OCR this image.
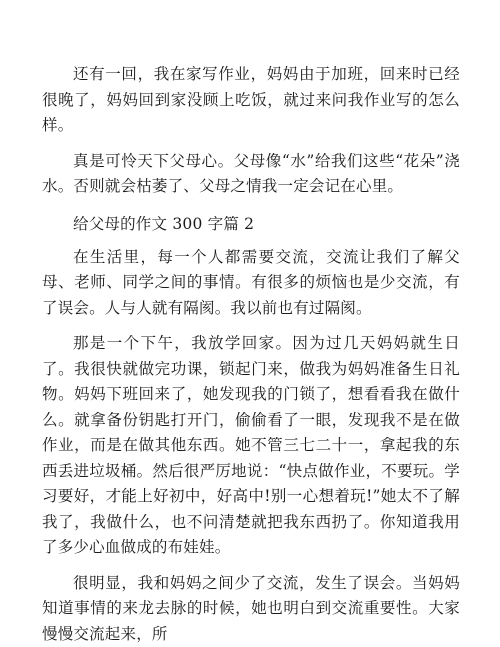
还有一回，我在家写作业，妈妈由于加班，回来时已经很晚了，妈妈回到家没顾上吃饭，就过来问我作业写的怎么样。

真是可怜天下父母心。父母像“水”给我们这些“花朵”浇水。否则就会枯萎了、父母之情我一定会记在心里。

给父母的作文 300 字篇 2

在生活里，每一个人都需要交流，交流让我们了解父母、老师、同学之间的事情。有很多的烦恼也是少交流，有了误会。人与人就有隔阂。我以前也有过隔阂。

那是一个下午，我放学回家。因为过几天妈妈就生日了。我很快就做完功课，锁起门来，做我为妈妈准备生日礼物。妈妈下班回来了，她发现我的门锁了，想看看我在做什么。就拿备份钥匙打开门，偷偷看了一眼，发现我不是在做作业，而是在做其他东西。她不管三七二十一，拿起我的东西丢进垃圾桶。然后很严厉地说：“快点做作业，不要玩。学习要好，才能上好初中，好高中!别一心想着玩!”她太不了解我了，我做什么，也不问清楚就把我东西扔了。你知道我用了多少心血做成的布娃娃。

很明显，我和妈妈之间少了交流，发生了误会。当妈妈知道事情的来龙去脉的时候，她也明白到交流重要性。大家慢慢交流起来，所
